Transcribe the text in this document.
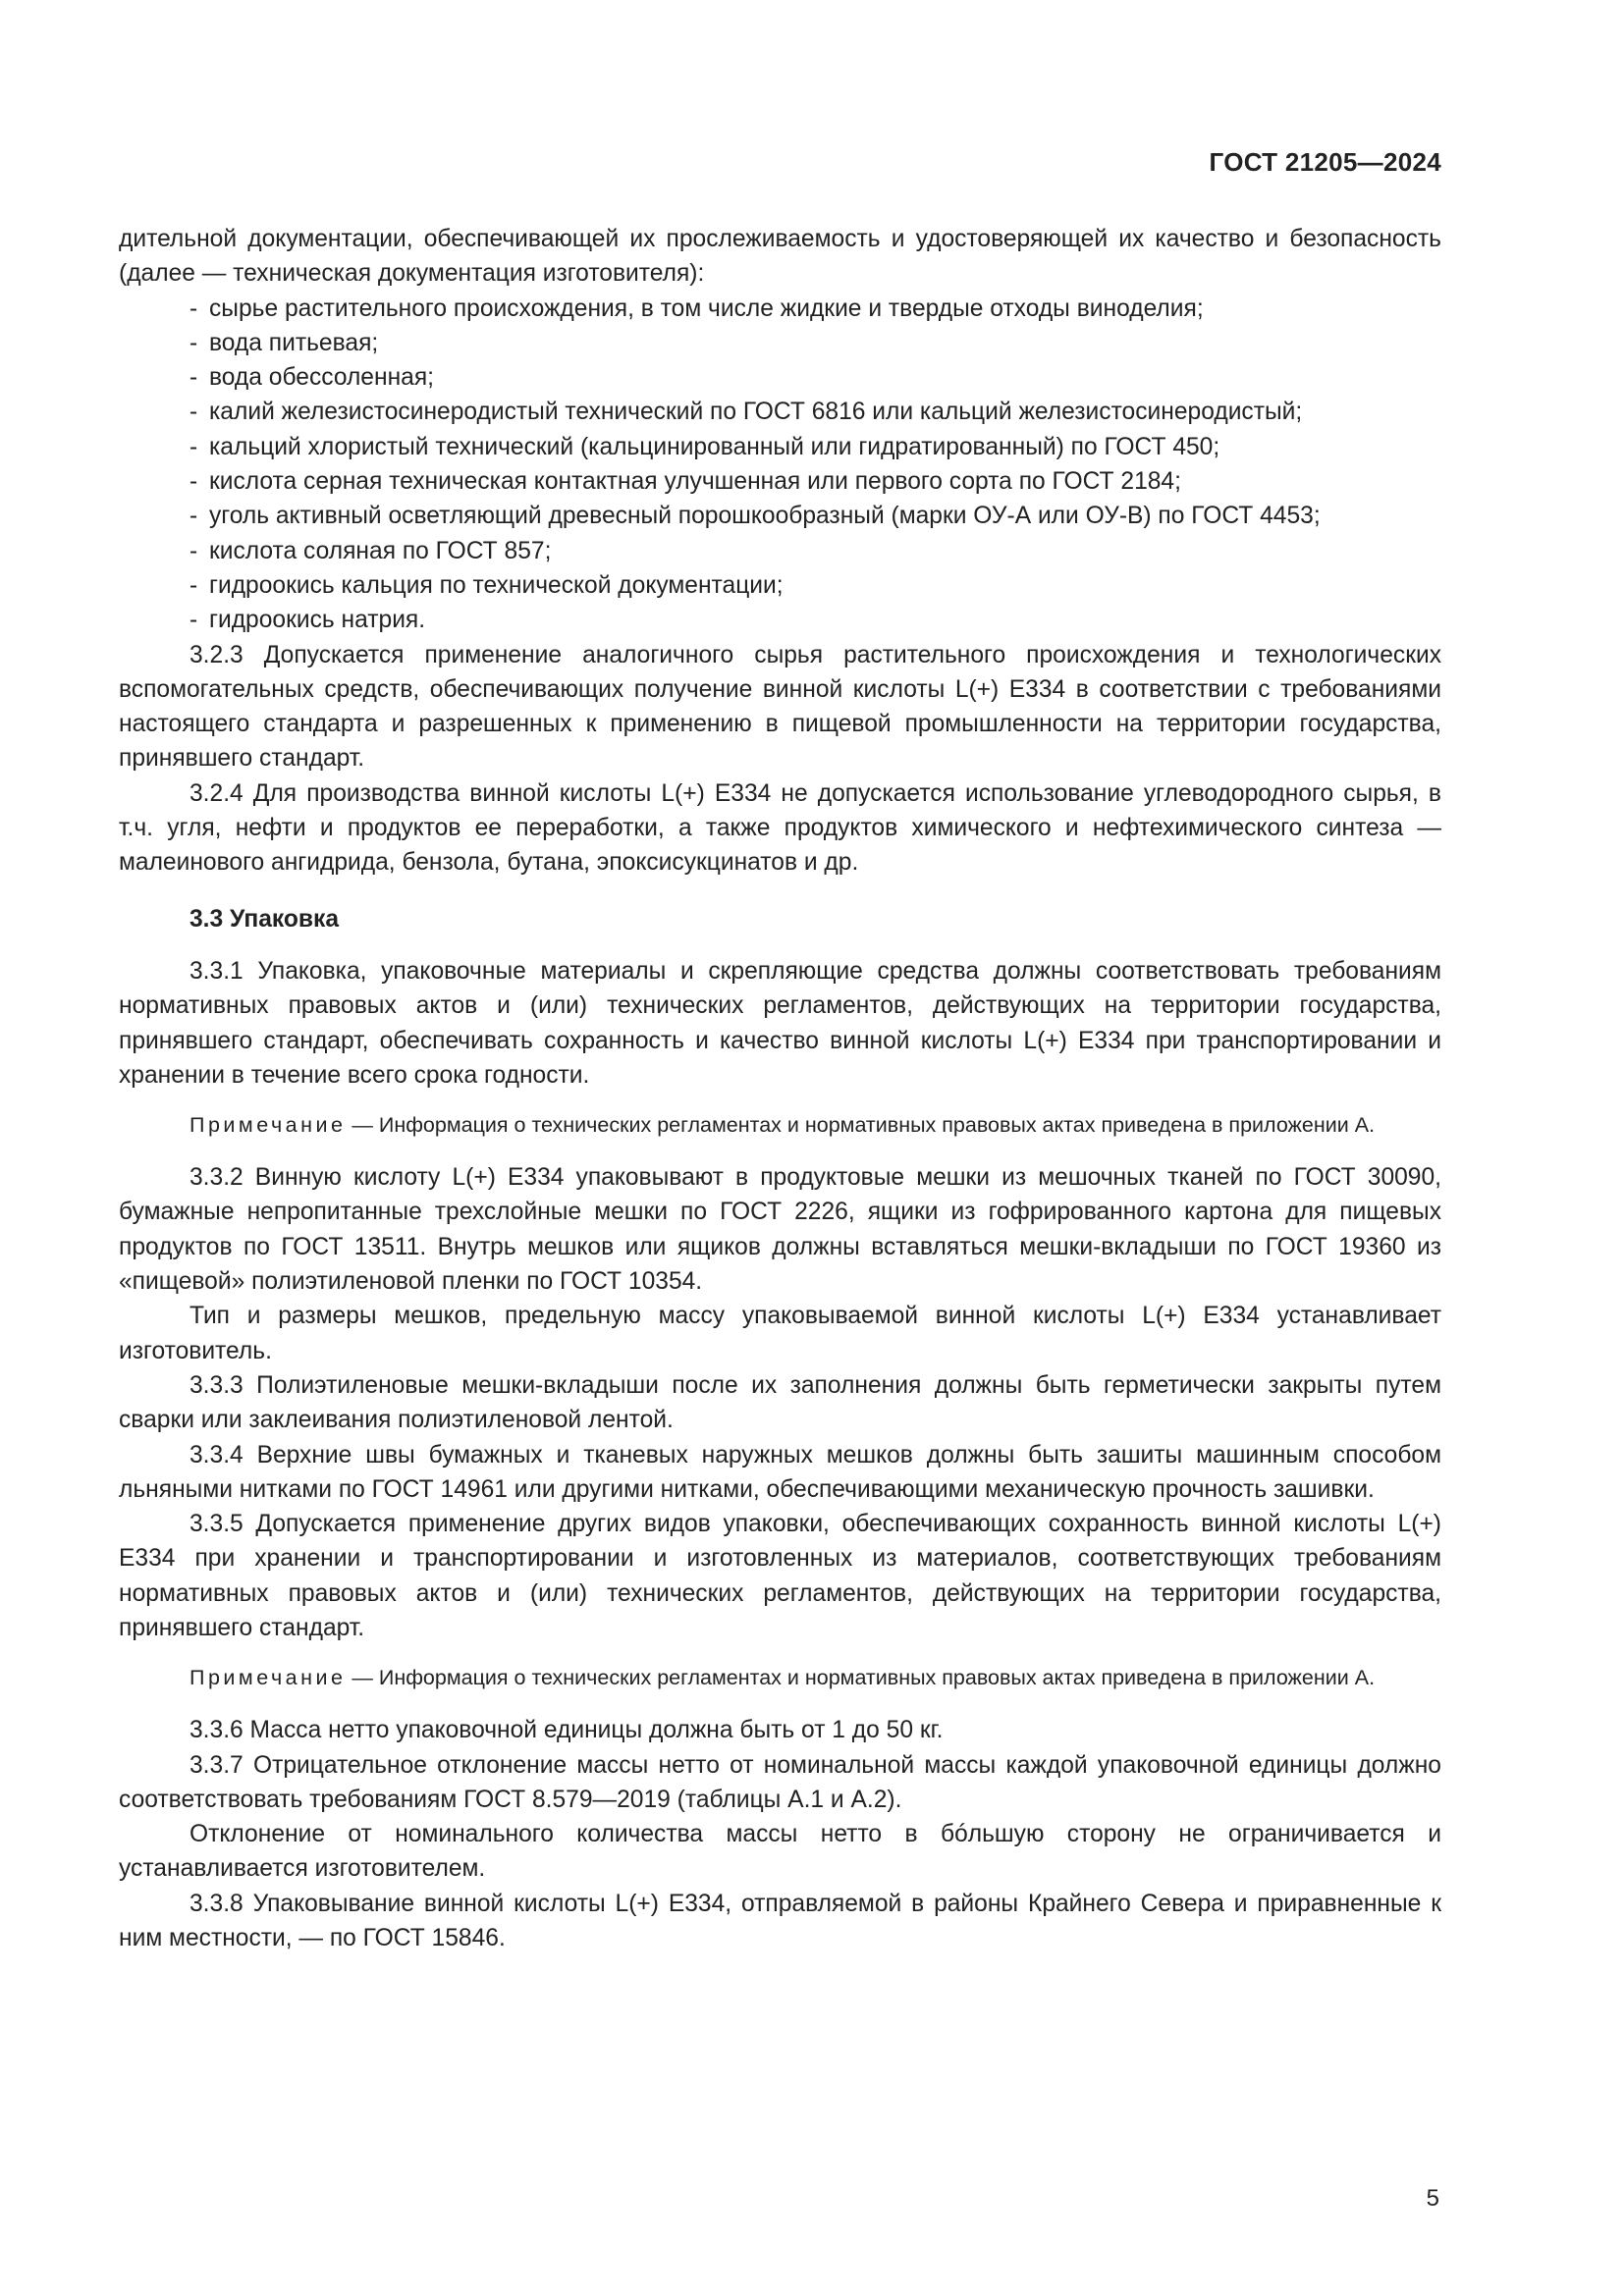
ГОСТ 21205—2024

дительной документации, обеспечивающей их прослеживаемость и удостоверяющей их качество и безопасность (далее — техническая документация изготовителя):

- сырье растительного происхождения, в том числе жидкие и твердые отходы виноделия;
- вода питьевая;
- вода обессоленная;
- калий железистосинеродистый технический по ГОСТ 6816 или кальций железистосинеродистый;
- кальций хлористый технический (кальцинированный или гидратированный) по ГОСТ 450;
- кислота серная техническая контактная улучшенная или первого сорта по ГОСТ 2184;
- уголь активный осветляющий древесный порошкообразный (марки ОУ-А или ОУ-В) по ГОСТ 4453;
- кислота соляная по ГОСТ 857;
- гидроокись кальция по технической документации;
- гидроокись натрия.

3.2.3 Допускается применение аналогичного сырья растительного происхождения и технологических вспомогательных средств, обеспечивающих получение винной кислоты L(+) E334 в соответствии с требованиями настоящего стандарта и разрешенных к применению в пищевой промышленности на территории государства, принявшего стандарт.

3.2.4 Для производства винной кислоты L(+) E334 не допускается использование углеводородного сырья, в т.ч. угля, нефти и продуктов ее переработки, а также продуктов химического и нефтехимического синтеза — малеинового ангидрида, бензола, бутана, эпоксисукцинатов и др.

3.3 Упаковка

3.3.1 Упаковка, упаковочные материалы и скрепляющие средства должны соответствовать требованиям нормативных правовых актов и (или) технических регламентов, действующих на территории государства, принявшего стандарт, обеспечивать сохранность и качество винной кислоты L(+) E334 при транспортировании и хранении в течение всего срока годности.

Примечание — Информация о технических регламентах и нормативных правовых актах приведена в приложении А.

3.3.2 Винную кислоту L(+) E334 упаковывают в продуктовые мешки из мешочных тканей по ГОСТ 30090, бумажные непропитанные трехслойные мешки по ГОСТ 2226, ящики из гофрированного картона для пищевых продуктов по ГОСТ 13511. Внутрь мешков или ящиков должны вставляться мешки-вкладыши по ГОСТ 19360 из «пищевой» полиэтиленовой пленки по ГОСТ 10354.

Тип и размеры мешков, предельную массу упаковываемой винной кислоты L(+) E334 устанавливает изготовитель.

3.3.3 Полиэтиленовые мешки-вкладыши после их заполнения должны быть герметически закрыты путем сварки или заклеивания полиэтиленовой лентой.

3.3.4 Верхние швы бумажных и тканевых наружных мешков должны быть зашиты машинным способом льняными нитками по ГОСТ 14961 или другими нитками, обеспечивающими механическую прочность зашивки.

3.3.5 Допускается применение других видов упаковки, обеспечивающих сохранность винной кислоты L(+) E334 при хранении и транспортировании и изготовленных из материалов, соответствующих требованиям нормативных правовых актов и (или) технических регламентов, действующих на территории государства, принявшего стандарт.

Примечание — Информация о технических регламентах и нормативных правовых актах приведена в приложении А.

3.3.6 Масса нетто упаковочной единицы должна быть от 1 до 50 кг.

3.3.7 Отрицательное отклонение массы нетто от номинальной массы каждой упаковочной единицы должно соответствовать требованиям ГОСТ 8.579—2019 (таблицы А.1 и А.2).

Отклонение от номинального количества массы нетто в бóльшую сторону не ограничивается и устанавливается изготовителем.

3.3.8 Упаковывание винной кислоты L(+) E334, отправляемой в районы Крайнего Севера и приравненные к ним местности, — по ГОСТ 15846.

5
